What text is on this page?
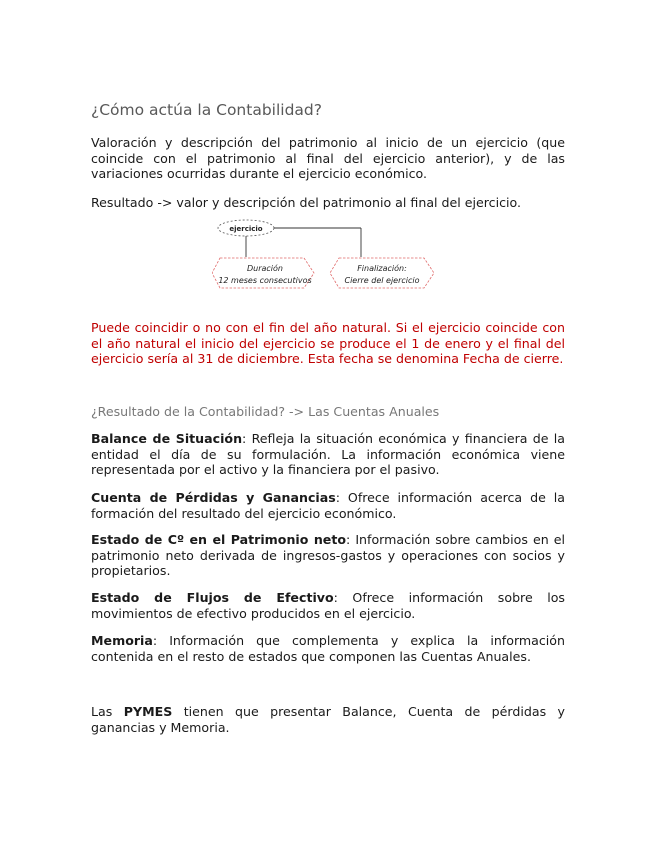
¿Cómo actúa la Contabilidad?

Valoración y descripción del patrimonio al inicio de un ejercicio (que coincide con el patrimonio al final del ejercicio anterior), y de las variaciones ocurridas durante el ejercicio económico.

Resultado -> valor y descripción del patrimonio al final del ejercicio.

ejercicio
Duración
12 meses consecutivos
Finalización:
Cierre del ejercicio

Puede coincidir o no con el fin del año natural. Si el ejercicio coincide con el año natural el inicio del ejercicio se produce el 1 de enero y el final del ejercicio sería al 31 de diciembre. Esta fecha se denomina Fecha de cierre.

¿Resultado de la Contabilidad? -> Las Cuentas Anuales

Balance de Situación: Refleja la situación económica y financiera de la entidad el día de su formulación. La información económica viene representada por el activo y la financiera por el pasivo.

Cuenta de Pérdidas y Ganancias: Ofrece información acerca de la formación del resultado del ejercicio económico.

Estado de Cº en el Patrimonio neto: Información sobre cambios en el patrimonio neto derivada de ingresos-gastos y operaciones con socios y propietarios.

Estado de Flujos de Efectivo: Ofrece información sobre los movimientos de efectivo producidos en el ejercicio.

Memoria: Información que complementa y explica la información contenida en el resto de estados que componen las Cuentas Anuales.

Las PYMES tienen que presentar Balance, Cuenta de pérdidas y ganancias y Memoria.
